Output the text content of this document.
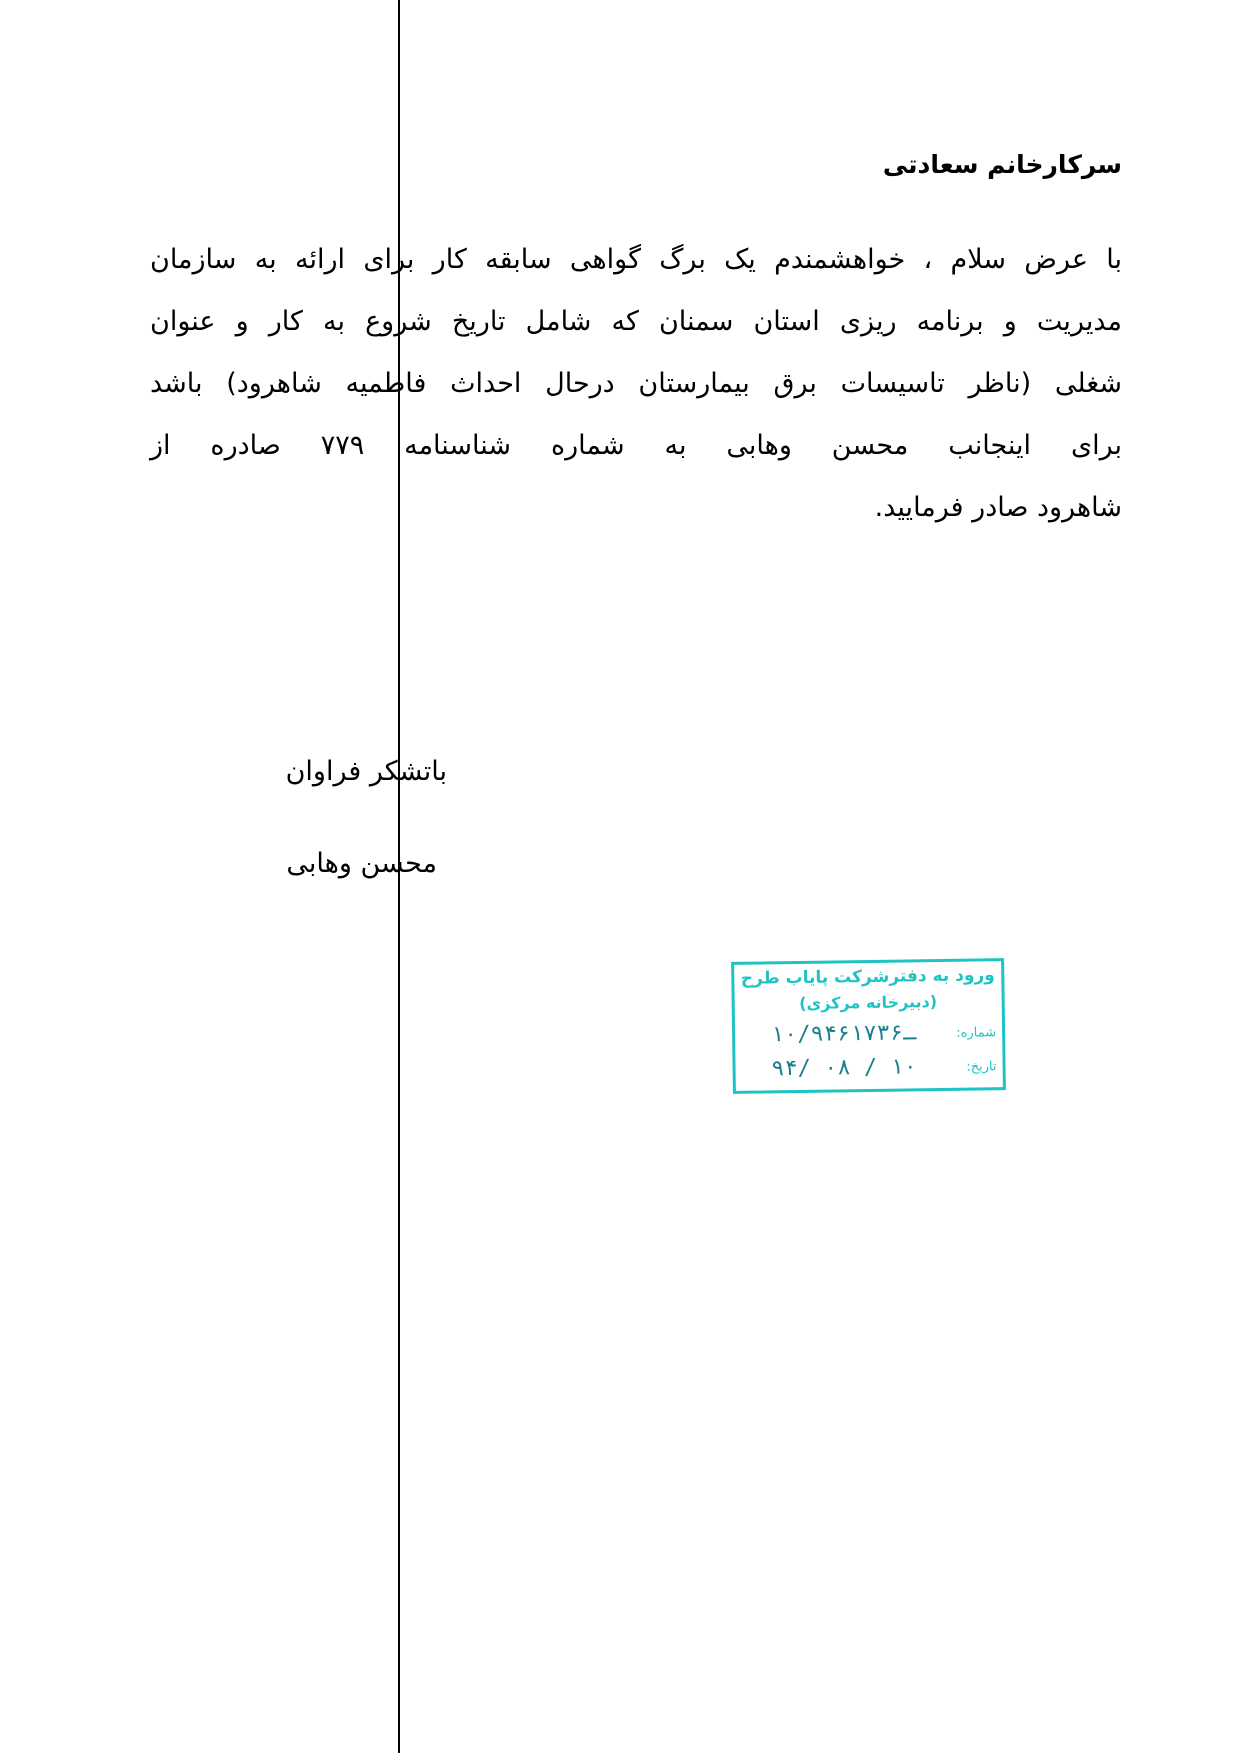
سرکارخانم سعادتی
با عرض سلام ، خواهشمندم یک برگ گواهی سابقه کار برای ارائه به سازمان
مدیریت و برنامه ریزی استان سمنان که شامل تاریخ شروع به کار و عنوان
شغلی (ناظر تاسیسات برق بیمارستان درحال احداث فاطمیه شاهرود) باشد
برای اینجانب محسن وهابی به شماره شناسنامه ۷۷۹ صادره از
شاهرود صادر فرمایید.
باتشکر فراوان
محسن وهابی
ورود به دفترشرکت پایاب طرح
(دبیرخانه مرکزی)
شماره:
۱۰/۹۴ـ۶۱۷۳۶
تاریخ:
۹۴/ ۰۸ / ۱۰
